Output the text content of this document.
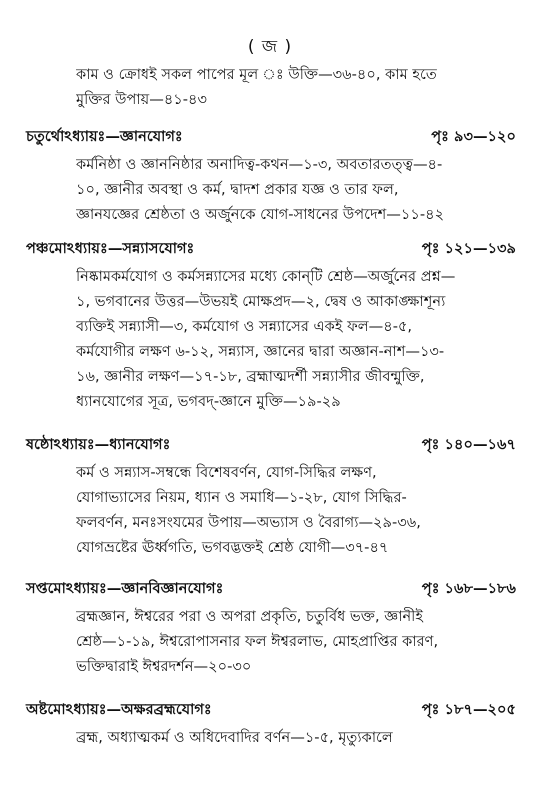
( জ )
কাম ও ক্রোধই সকল পাপের মূল ঃ উক্তি—৩৬-৪০, কাম হতে
মুক্তির উপায়—৪১-৪৩
চতুর্থোঽধ্যায়ঃ—জ্ঞানযোগঃ	পৃঃ ৯৩—১২০
কর্মনিষ্ঠা ও জ্ঞাননিষ্ঠার অনাদিত্ব-কথন—১-৩, অবতারতত্ত্ব—৪-
১০, জ্ঞানীর অবস্থা ও কর্ম, দ্বাদশ প্রকার যজ্ঞ ও তার ফল,
জ্ঞানযজ্ঞের শ্রেষ্ঠতা ও অর্জুনকে যোগ-সাধনের উপদেশ—১১-৪২
পঞ্চমোঽধ্যায়ঃ—সন্ন্যাসযোগঃ	পৃঃ ১২১—১৩৯
নিষ্কামকর্মযোগ ও কর্মসন্ন্যাসের মধ্যে কোন্‌টি শ্রেষ্ঠ—অর্জুনের প্রশ্ন—
১, ভগবানের উত্তর—উভয়ই মোক্ষপ্রদ—২, দ্বেষ ও আকাঙ্ক্ষাশূন্য
ব্যক্তিই সন্ন্যাসী—৩, কর্মযোগ ও সন্ন্যাসের একই ফল—৪-৫,
কর্মযোগীর লক্ষণ ৬-১২, সন্ন্যাস, জ্ঞানের দ্বারা অজ্ঞান-নাশ—১৩-
১৬, জ্ঞানীর লক্ষণ—১৭-১৮, ব্রহ্মাত্মদর্শী সন্ন্যাসীর জীবন্মুক্তি,
ধ্যানযোগের সূত্র, ভগবদ্-জ্ঞানে মুক্তি—১৯-২৯
ষষ্ঠোঽধ্যায়ঃ—ধ্যানযোগঃ	পৃঃ ১৪০—১৬৭
কর্ম ও সন্ন্যাস-সম্বন্ধে বিশেষবর্ণন, যোগ-সিদ্ধির লক্ষণ,
যোগাভ্যাসের নিয়ম, ধ্যান ও সমাধি—১-২৮, যোগ সিদ্ধির-
ফলবর্ণন, মনঃসংযমের উপায়—অভ্যাস ও বৈরাগ্য—২৯-৩৬,
যোগভ্রষ্টের ঊর্ধ্বগতি, ভগবদ্ভক্তই শ্রেষ্ঠ যোগী—৩৭-৪৭
সপ্তমোঽধ্যায়ঃ—জ্ঞানবিজ্ঞানযোগঃ	পৃঃ ১৬৮—১৮৬
ব্রহ্মজ্ঞান, ঈশ্বরের পরা ও অপরা প্রকৃতি, চতুর্বিধ ভক্ত, জ্ঞানীই
শ্রেষ্ঠ—১-১৯, ঈশ্বরোপাসনার ফল ঈশ্বরলাভ, মোহপ্রাপ্তির কারণ,
ভক্তিদ্বারাই ঈশ্বরদর্শন—২০-৩০
অষ্টমোঽধ্যায়ঃ—অক্ষরব্রহ্মযোগঃ	পৃঃ ১৮৭—২০৫
ব্রহ্ম, অধ্যাত্মকর্ম ও অধিদেবাদির বর্ণন—১-৫, মৃত্যুকালে
